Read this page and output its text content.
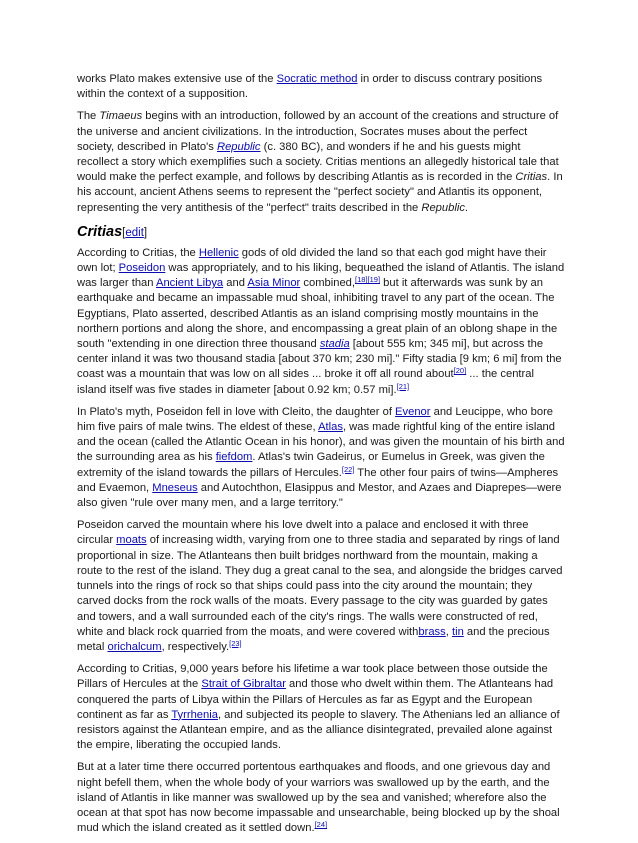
works Plato makes extensive use of the Socratic method in order to discuss contrary positions within the context of a supposition.

The Timaeus begins with an introduction, followed by an account of the creations and structure of the universe and ancient civilizations. In the introduction, Socrates muses about the perfect society, described in Plato's Republic (c. 380 BC), and wonders if he and his guests might recollect a story which exemplifies such a society. Critias mentions an allegedly historical tale that would make the perfect example, and follows by describing Atlantis as is recorded in the Critias. In his account, ancient Athens seems to represent the "perfect society" and Atlantis its opponent, representing the very antithesis of the "perfect" traits described in the Republic.

Critias[edit]

According to Critias, the Hellenic gods of old divided the land so that each god might have their own lot; Poseidon was appropriately, and to his liking, bequeathed the island of Atlantis. The island was larger than Ancient Libya and Asia Minor combined,[18][19] but it afterwards was sunk by an earthquake and became an impassable mud shoal, inhibiting travel to any part of the ocean. The Egyptians, Plato asserted, described Atlantis as an island comprising mostly mountains in the northern portions and along the shore, and encompassing a great plain of an oblong shape in the south "extending in one direction three thousand stadia [about 555 km; 345 mi], but across the center inland it was two thousand stadia [about 370 km; 230 mi]." Fifty stadia [9 km; 6 mi] from the coast was a mountain that was low on all sides ... broke it off all round about[20] ... the central island itself was five stades in diameter [about 0.92 km; 0.57 mi].[21]

In Plato's myth, Poseidon fell in love with Cleito, the daughter of Evenor and Leucippe, who bore him five pairs of male twins. The eldest of these, Atlas, was made rightful king of the entire island and the ocean (called the Atlantic Ocean in his honor), and was given the mountain of his birth and the surrounding area as his fiefdom. Atlas's twin Gadeirus, or Eumelus in Greek, was given the extremity of the island towards the pillars of Hercules.[22] The other four pairs of twins—Ampheres and Evaemon, Mneseus and Autochthon, Elasippus and Mestor, and Azaes and Diaprepes—were also given "rule over many men, and a large territory."

Poseidon carved the mountain where his love dwelt into a palace and enclosed it with three circular moats of increasing width, varying from one to three stadia and separated by rings of land proportional in size. The Atlanteans then built bridges northward from the mountain, making a route to the rest of the island. They dug a great canal to the sea, and alongside the bridges carved tunnels into the rings of rock so that ships could pass into the city around the mountain; they carved docks from the rock walls of the moats. Every passage to the city was guarded by gates and towers, and a wall surrounded each of the city's rings. The walls were constructed of red, white and black rock quarried from the moats, and were covered withbrass, tin and the precious metal orichalcum, respectively.[23]

According to Critias, 9,000 years before his lifetime a war took place between those outside the Pillars of Hercules at the Strait of Gibraltar and those who dwelt within them. The Atlanteans had conquered the parts of Libya within the Pillars of Hercules as far as Egypt and the European continent as far as Tyrrhenia, and subjected its people to slavery. The Athenians led an alliance of resistors against the Atlantean empire, and as the alliance disintegrated, prevailed alone against the empire, liberating the occupied lands.

But at a later time there occurred portentous earthquakes and floods, and one grievous day and night befell them, when the whole body of your warriors was swallowed up by the earth, and the island of Atlantis in like manner was swallowed up by the sea and vanished; wherefore also the ocean at that spot has now become impassable and unsearchable, being blocked up by the shoal mud which the island created as it settled down.[24]
